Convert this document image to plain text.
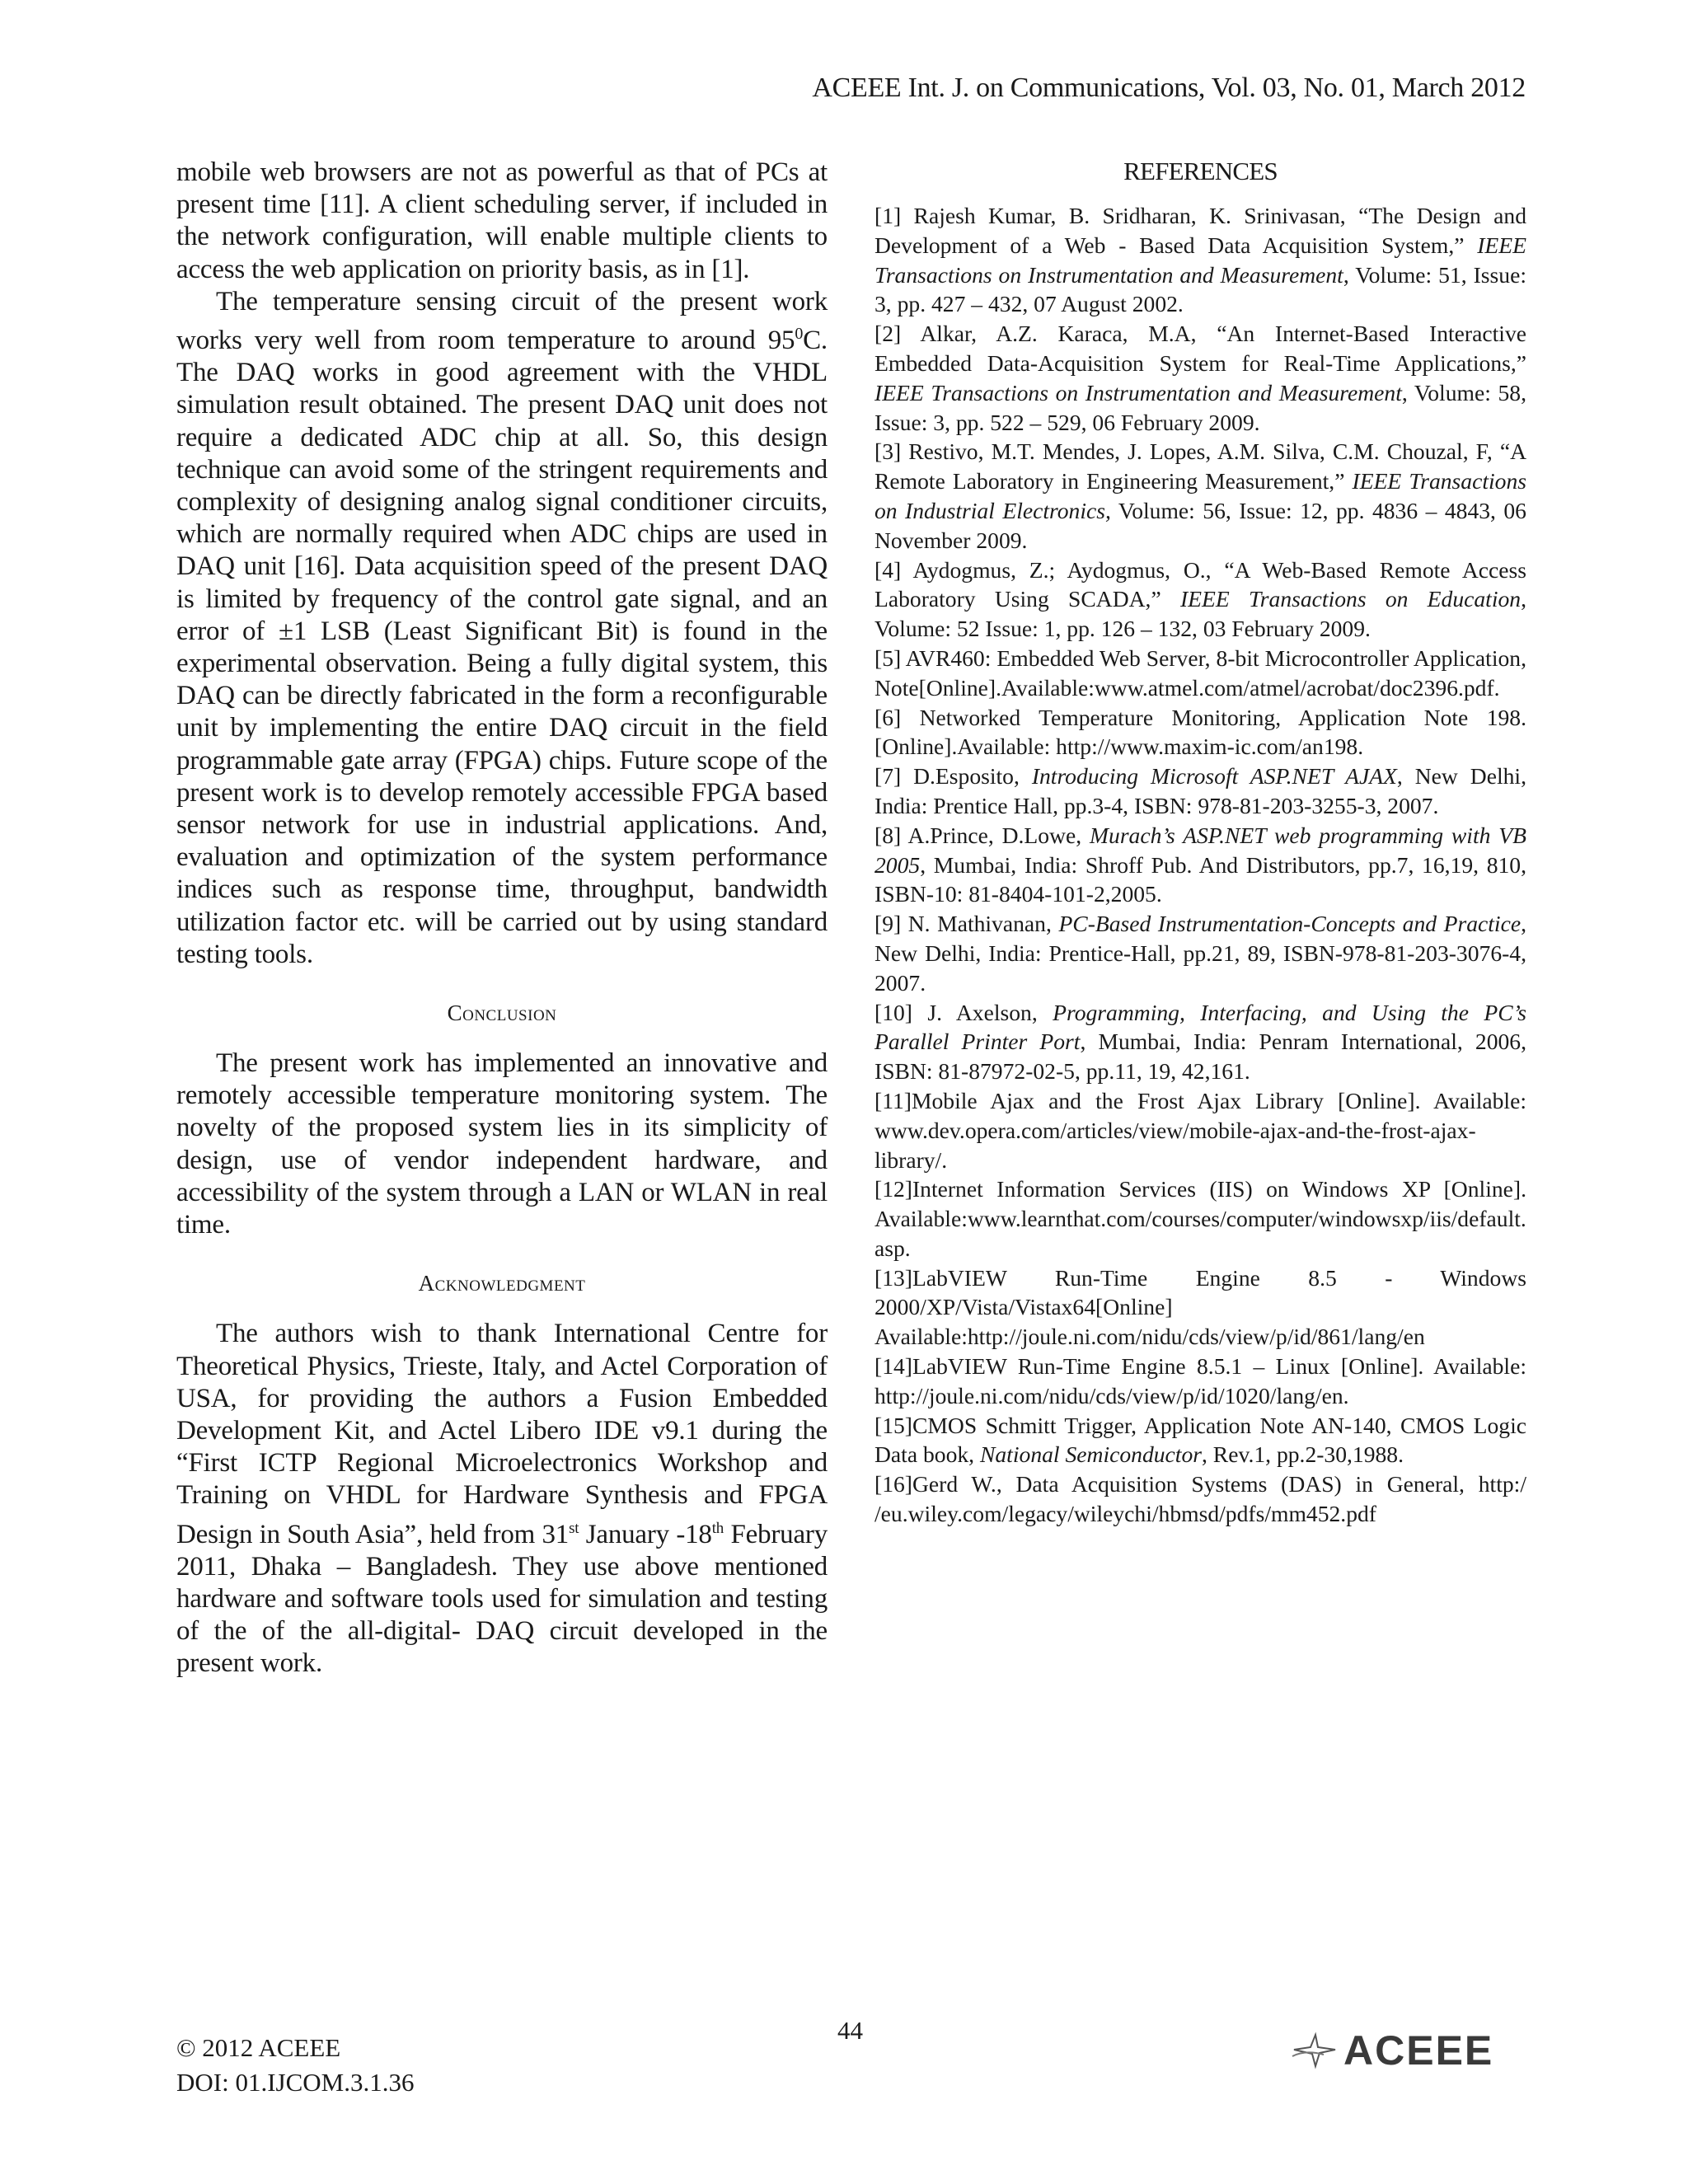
ACEEE Int. J. on Communications, Vol. 03, No. 01, March 2012

mobile web browsers are not as powerful as that of PCs at present time [11]. A client scheduling server, if included in the network configuration, will enable multiple clients to access the web application on priority basis, as in [1].

The temperature sensing circuit of the present work works very well from room temperature to around $95^0C$. The DAQ works in good agreement with the VHDL simulation result obtained. The present DAQ unit does not require a dedicated ADC chip at all. So, this design technique can avoid some of the stringent requirements and complexity of designing analog signal conditioner circuits, which are normally required when ADC chips are used in DAQ unit [16]. Data acquisition speed of the present DAQ is limited by frequency of the control gate signal, and an error of ±1 LSB (Least Significant Bit) is found in the experimental observation. Being a fully digital system, this DAQ can be directly fabricated in the form a reconfigurable unit by implementing the entire DAQ circuit in the field programmable gate array (FPGA) chips. Future scope of the present work is to develop remotely accessible FPGA based sensor network for use in industrial applications. And, evaluation and optimization of the system performance indices such as response time, throughput, bandwidth utilization factor etc. will be carried out by using standard testing tools.

Conclusion

The present work has implemented an innovative and remotely accessible temperature monitoring system. The novelty of the proposed system lies in its simplicity of design, use of vendor independent hardware, and accessibility of the system through a LAN or WLAN in real time.

Acknowledgment

The authors wish to thank International Centre for Theoretical Physics, Trieste, Italy, and Actel Corporation of USA, for providing the authors a Fusion Embedded Development Kit, and Actel Libero IDE v9.1 during the “First ICTP Regional Microelectronics Workshop and Training on VHDL for Hardware Synthesis and FPGA Design in South Asia”, held from 31st January -18th February 2011, Dhaka – Bangladesh. They use above mentioned hardware and software tools used for simulation and testing of the of the all-digital- DAQ circuit developed in the present work.

REFERENCES

[1] Rajesh Kumar, B. Sridharan, K. Srinivasan, “The Design and Development of a Web - Based Data Acquisition System,” IEEE Transactions on Instrumentation and Measurement, Volume: 51, Issue: 3, pp. 427 – 432, 07 August 2002.

[2] Alkar, A.Z. Karaca, M.A, “An Internet-Based Interactive Embedded Data-Acquisition System for Real-Time Applications,” IEEE Transactions on Instrumentation and Measurement, Volume: 58, Issue: 3, pp. 522 – 529, 06 February 2009.

[3] Restivo, M.T. Mendes, J. Lopes, A.M. Silva, C.M. Chouzal, F, “A Remote Laboratory in Engineering Measurement,” IEEE Transactions on Industrial Electronics, Volume: 56, Issue: 12, pp. 4836 – 4843, 06 November 2009.

[4] Aydogmus, Z.; Aydogmus, O., “A Web-Based Remote Access Laboratory Using SCADA,” IEEE Transactions on Education, Volume: 52 Issue: 1, pp. 126 – 132, 03 February 2009.

[5] AVR460: Embedded Web Server, 8-bit Microcontroller Application, Note[Online].Available:www.atmel.com/atmel/acrobat/doc2396.pdf.

[6] Networked Temperature Monitoring, Application Note 198. [Online].Available: http://www.maxim-ic.com/an198.

[7] D.Esposito, Introducing Microsoft ASP.NET AJAX, New Delhi, India: Prentice Hall, pp.3-4, ISBN: 978-81-203-3255-3, 2007.

[8] A.Prince, D.Lowe, Murach’s ASP.NET web programming with VB 2005, Mumbai, India: Shroff Pub. And Distributors, pp.7, 16,19, 810, ISBN-10: 81-8404-101-2,2005.

[9] N. Mathivanan, PC-Based Instrumentation-Concepts and Practice, New Delhi, India: Prentice-Hall, pp.21, 89, ISBN-978-81-203-3076-4, 2007.

[10] J. Axelson, Programming, Interfacing, and Using the PC’s Parallel Printer Port, Mumbai, India: Penram International, 2006, ISBN: 81-87972-02-5, pp.11, 19, 42,161.

[11]Mobile Ajax and the Frost Ajax Library [Online]. Available: www.dev.opera.com/articles/view/mobile-ajax-and-the-frost-ajax-library/.

[12]Internet Information Services (IIS) on Windows XP [Online]. Available:www.learnthat.com/courses/computer/windowsxp/iis/default.asp.

[13]LabVIEW Run-Time Engine 8.5 - Windows 2000/XP/Vista/Vistax64[Online] Available:http://joule.ni.com/nidu/cds/view/p/id/861/lang/en

[14]LabVIEW Run-Time Engine 8.5.1 – Linux [Online]. Available: http://joule.ni.com/nidu/cds/view/p/id/1020/lang/en.

[15]CMOS Schmitt Trigger, Application Note AN-140, CMOS Logic Data book, National Semiconductor, Rev.1, pp.2-30,1988.

[16]Gerd W., Data Acquisition Systems (DAS) in General, http:/ /eu.wiley.com/legacy/wileychi/hbmsd/pdfs/mm452.pdf

© 2012 ACEEE
DOI: 01.IJCOM.3.1.36
44	ACEEE
